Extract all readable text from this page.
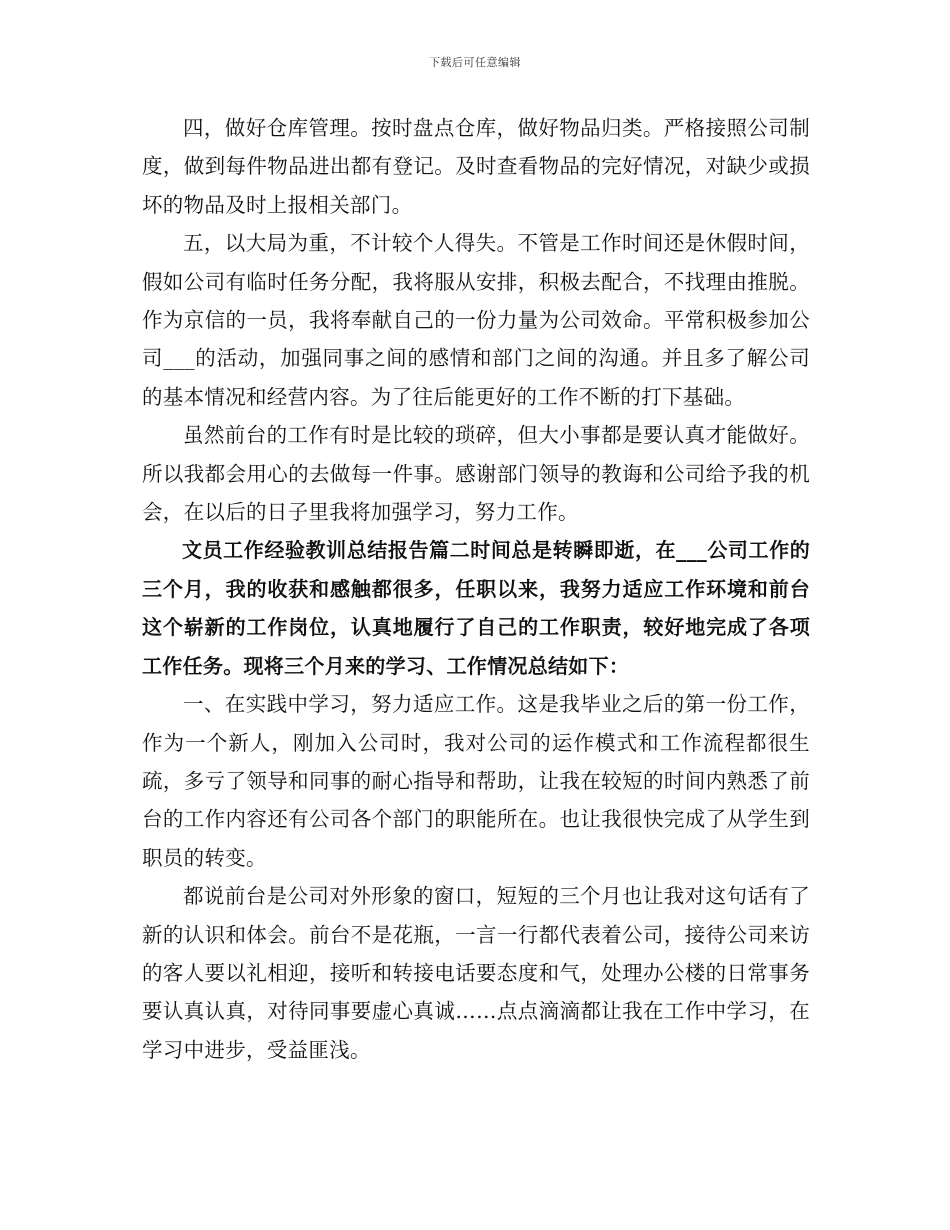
下载后可任意编辑

四，做好仓库管理。按时盘点仓库，做好物品归类。严格接照公司制度，做到每件物品进出都有登记。及时查看物品的完好情况，对缺少或损坏的物品及时上报相关部门。

五，以大局为重，不计较个人得失。不管是工作时间还是休假时间，假如公司有临时任务分配，我将服从安排，积极去配合，不找理由推脱。作为京信的一员，我将奉献自己的一份力量为公司效命。平常积极参加公司___的活动，加强同事之间的感情和部门之间的沟通。并且多了解公司的基本情况和经营内容。为了往后能更好的工作不断的打下基础。

虽然前台的工作有时是比较的琐碎，但大小事都是要认真才能做好。所以我都会用心的去做每一件事。感谢部门领导的教诲和公司给予我的机会，在以后的日子里我将加强学习，努力工作。

文员工作经验教训总结报告篇二时间总是转瞬即逝，在___公司工作的三个月，我的收获和感触都很多，任职以来，我努力适应工作环境和前台这个崭新的工作岗位，认真地履行了自己的工作职责，较好地完成了各项工作任务。现将三个月来的学习、工作情况总结如下：

一、在实践中学习，努力适应工作。这是我毕业之后的第一份工作，作为一个新人，刚加入公司时，我对公司的运作模式和工作流程都很生疏，多亏了领导和同事的耐心指导和帮助，让我在较短的时间内熟悉了前台的工作内容还有公司各个部门的职能所在。也让我很快完成了从学生到职员的转变。

都说前台是公司对外形象的窗口，短短的三个月也让我对这句话有了新的认识和体会。前台不是花瓶，一言一行都代表着公司，接待公司来访的客人要以礼相迎，接听和转接电话要态度和气，处理办公楼的日常事务要认真认真，对待同事要虚心真诚……点点滴滴都让我在工作中学习，在学习中进步，受益匪浅。
